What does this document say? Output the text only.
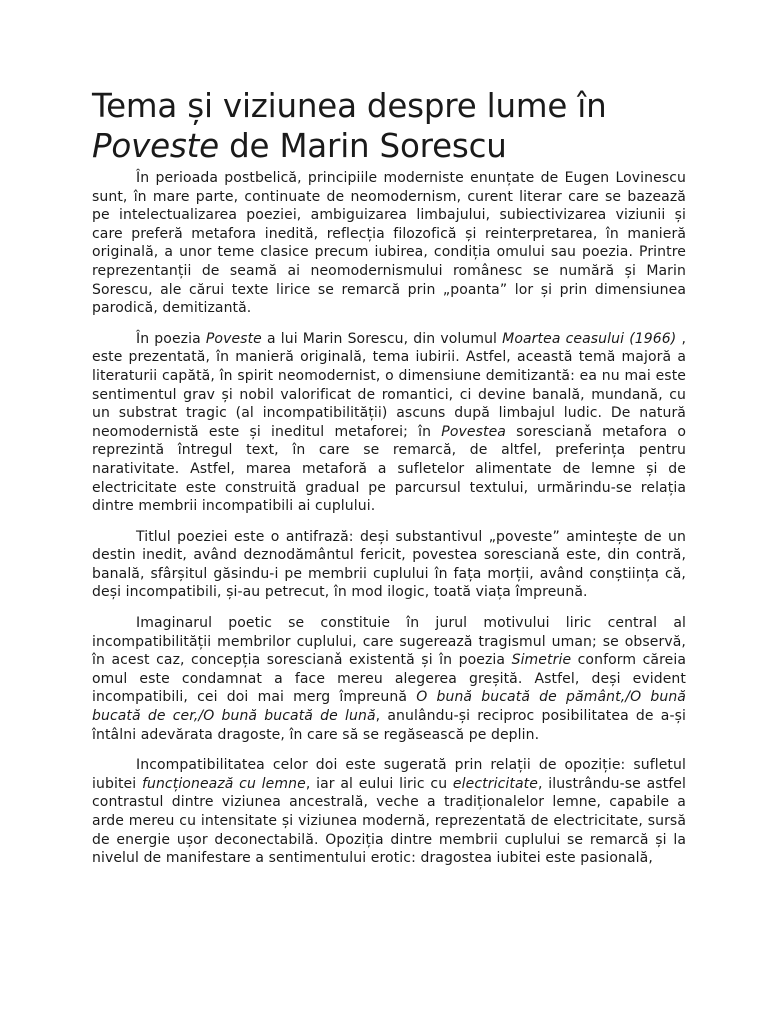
Tema și viziunea despre lume în
Poveste de Marin Sorescu

În perioada postbelică, principiile moderniste enunțate de Eugen Lovinescu sunt, în mare parte, continuate de neomodernism, curent literar care se bazează pe intelectualizarea poeziei, ambiguizarea limbajului, subiectivizarea viziunii și care preferă metafora inedită, reflecția filozofică și reinterpretarea, în manieră originală, a unor teme clasice precum iubirea, condiția omului sau poezia. Printre reprezentanții de seamă ai neomodernismului românesc se numără și Marin Sorescu, ale cărui texte lirice se remarcă prin „poanta” lor și prin dimensiunea parodică, demitizantă.

În poezia Poveste a lui Marin Sorescu, din volumul Moartea ceasului (1966) , este prezentată, în manieră originală, tema iubirii. Astfel, această temă majoră a literaturii capătă, în spirit neomodernist, o dimensiune demitizantă: ea nu mai este sentimentul grav și nobil valorificat de romantici, ci devine banală, mundană, cu un substrat tragic (al incompatibilității) ascuns după limbajul ludic. De natură neomodernistă este și ineditul metaforei; în Povestea sorescianǎ metafora o reprezintă întregul text, în care se remarcă, de altfel, preferința pentru narativitate. Astfel, marea metaforă a sufletelor alimentate de lemne și de electricitate este construită gradual pe parcursul textului, urmărindu-se relația dintre membrii incompatibili ai cuplului.

Titlul poeziei este o antifrază: deși substantivul „poveste” amintește de un destin inedit, având deznodământul fericit, povestea sorescianǎ este, din contră, banală, sfârșitul găsindu-i pe membrii cuplului în fața morții, având conștiința că, deși incompatibili, și-au petrecut, în mod ilogic, toată viața împreună.

Imaginarul poetic se constituie în jurul motivului liric central al incompatibilității membrilor cuplului, care sugerează tragismul uman; se observă, în acest caz, concepția sorescianǎ existentă și în poezia Simetrie conform căreia omul este condamnat a face mereu alegerea greșită. Astfel, deși evident incompatibili, cei doi mai merg împreună O bună bucată de pământ,/O bună bucată de cer,/O bună bucată de lună, anulându-și reciproc posibilitatea de a-și întâlni adevărata dragoste, în care să se regăsească pe deplin.

Incompatibilitatea celor doi este sugerată prin relații de opoziție: sufletul iubitei funcționează cu lemne, iar al eului liric cu electricitate, ilustrându-se astfel contrastul dintre viziunea ancestrală, veche a tradiționalelor lemne, capabile a arde mereu cu intensitate și viziunea modernă, reprezentată de electricitate, sursă de energie ușor deconectabilă. Opoziția dintre membrii cuplului se remarcă și la nivelul de manifestare a sentimentului erotic: dragostea iubitei este pasională,
